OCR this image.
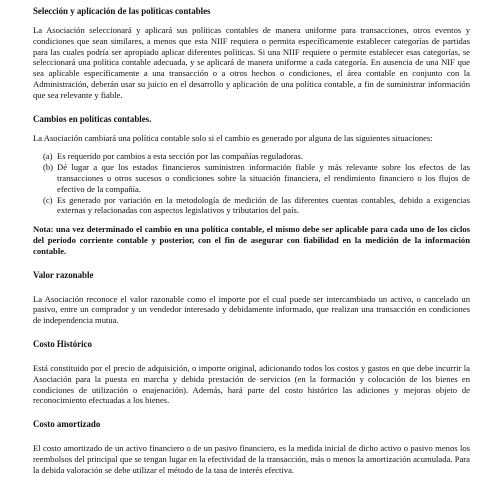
Selección y aplicación de las políticas contables

La Asociación seleccionará y aplicará sus políticas contables de manera uniforme para transacciones, otros eventos y condiciones que sean similares, a menos que esta NIIF requiera o permita específicamente establecer categorías de partidas para las cuales podría ser apropiado aplicar diferentes políticas. Si una NIIF requiere o permite establecer esas categorías, se seleccionará una política contable adecuada, y se aplicará de manera uniforme a cada categoría. En ausencia de una NIF que sea aplicable específicamente a una transacción o a otros hechos o condiciones, el área contable en conjunto con la Administración, deberán usar su juicio en el desarrollo y aplicación de una política contable, a fin de suministrar información que sea relevante y fiable.

Cambios en políticas contables.

La Asociación cambiará una política contable solo si el cambio es generado por alguna de las siguientes situaciones:

(a) Es requerido por cambios a esta sección por las compañías reguladoras.
(b) Dé lugar a que los estados financieros suministren información fiable y más relevante sobre los efectos de las transacciones u otros sucesos o condiciones sobre la situación financiera, el rendimiento financiero o los flujos de efectivo de la compañía.
(c) Es generado por variación en la metodología de medición de las diferentes cuentas contables, debido a exigencias externas y relacionadas con aspectos legislativos y tributarios del país.

Nota: una vez determinado el cambio en una política contable, el mismo debe ser aplicable para cada uno de los ciclos del periodo corriente contable y posterior, con el fin de asegurar con fiabilidad en la medición de la información contable.

Valor razonable

La Asociación reconoce el valor razonable como el importe por el cual puede ser intercambiado un activo, o cancelado un pasivo, entre un comprador y un vendedor interesado y debidamente informado, que realizan una transacción en condiciones de independencia mutua.

Costo Histórico

Está constituido por el precio de adquisición, o importe original, adicionando todos los costos y gastos en que debe incurrir la Asociación para la puesta en marcha y debida prestación de servicios (en la formación y colocación de los bienes en condiciones de utilización o enajenación). Además, hará parte del costo histórico las adiciones y mejoras objeto de reconocimiento efectuadas a los bienes.

Costo amortizado

El costo amortizado de un activo financiero o de un pasivo financiero, es la medida inicial de dicho activo o pasivo menos los reembolsos del principal que se tengan lugar en la efectividad de la transacción, más o menos la amortización acumulada. Para la debida valoración se debe utilizar el método de la tasa de interés efectiva.
